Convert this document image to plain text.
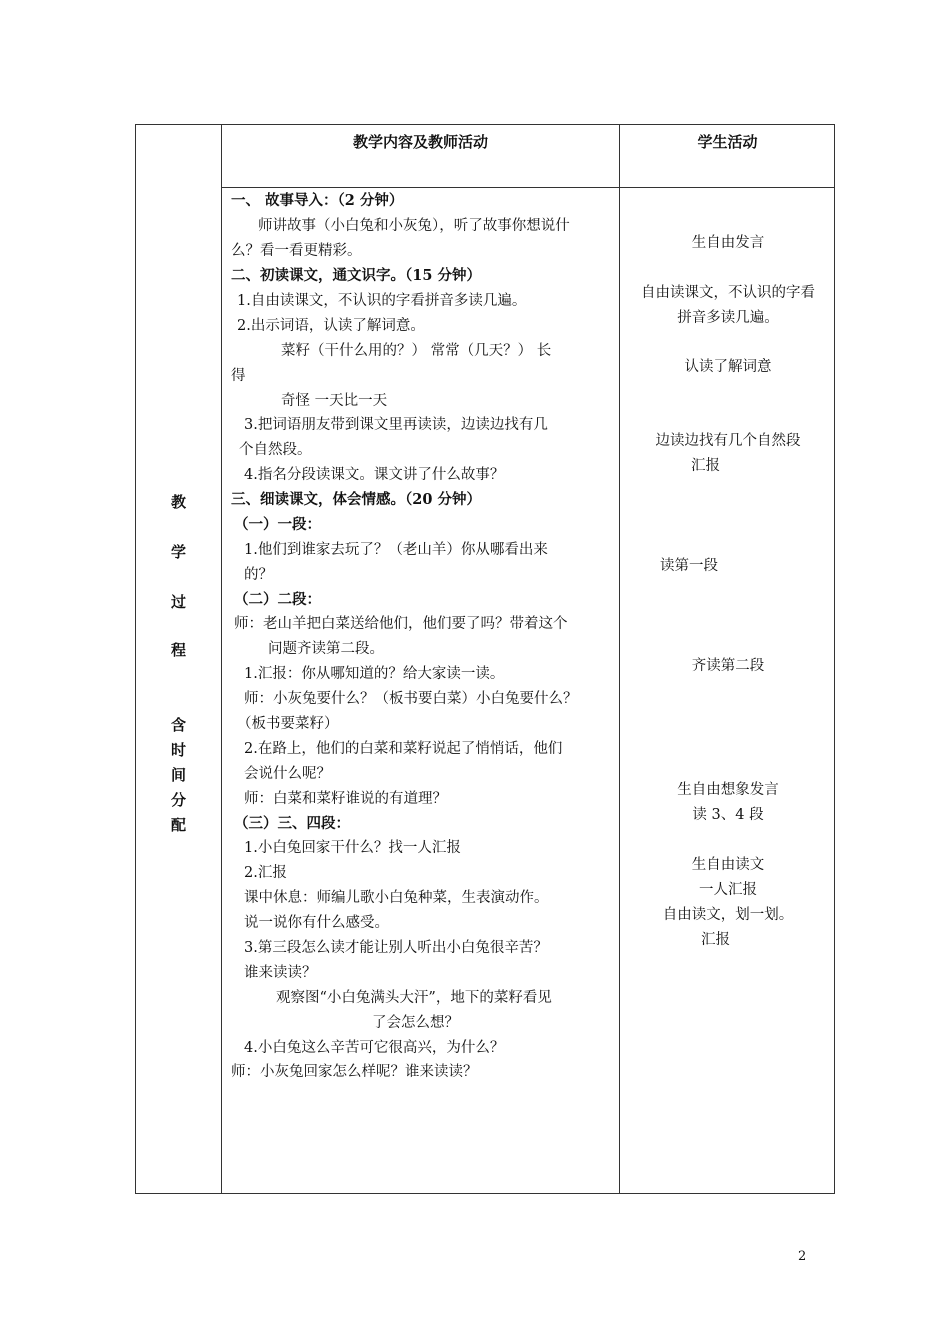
教学内容及教师活动	学生活动
教
学
过
程
含
时
间
分
配
一、 故事导入：（2 分钟）
师讲故事（小白兔和小灰兔），听了故事你想说什
么？看一看更精彩。
二、初读课文，通文识字。（15 分钟）
1.自由读课文，不认识的字看拼音多读几遍。
2.出示词语，认读了解词意。
菜籽（干什么用的？） 常常（几天？） 长
得
奇怪 一天比一天
3.把词语朋友带到课文里再读读，边读边找有几
个自然段。
4.指名分段读课文。课文讲了什么故事？
三、细读课文，体会情感。（20 分钟）
（一）一段：
1.他们到谁家去玩了？（老山羊）你从哪看出来
的？
（二）二段：
师：老山羊把白菜送给他们，他们要了吗？带着这个
问题齐读第二段。
1.汇报：你从哪知道的？给大家读一读。
师：小灰兔要什么？（板书要白菜）小白兔要什么？
（板书要菜籽）
2.在路上，他们的白菜和菜籽说起了悄悄话，他们
会说什么呢？
师：白菜和菜籽谁说的有道理？
（三）三、四段：
1.小白兔回家干什么？找一人汇报
2.汇报
课中休息：师编儿歌小白兔种菜，生表演动作。
说一说你有什么感受。
3.第三段怎么读才能让别人听出小白兔很辛苦？
谁来读读？
观察图“小白兔满头大汗”，地下的菜籽看见
了会怎么想？
4.小白兔这么辛苦可它很高兴，为什么？
师：小灰兔回家怎么样呢？谁来读读？
生自由发言
自由读课文，不认识的字看
拼音多读几遍。
认读了解词意
边读边找有几个自然段
汇报
读第一段
齐读第二段
生自由想象发言
读 3、4 段
生自由读文
一人汇报
自由读文，划一划。
汇报
2
